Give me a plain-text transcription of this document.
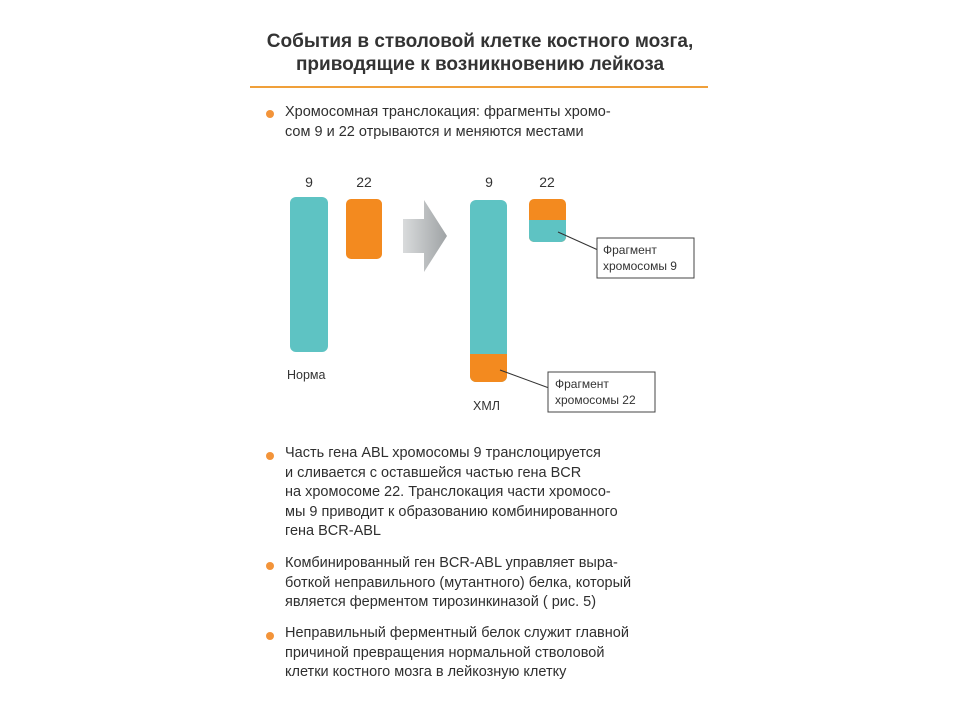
События в стволовой клетке костного мозга,
приводящие к возникновению лейкоза
Хромосомная транслокация: фрагменты хромо-
сом 9 и 22 отрываются и меняются местами
9	22
Норма
9	22
ХМЛ
Фрагмент
хромосомы 9
Фрагмент
хромосомы 22
Часть гена ABL хромосомы 9 транслоцируется
и сливается с оставшейся частью гена BCR
на хромосоме 22. Транслокация части хромосо-
мы 9 приводит к образованию комбинированного
гена BCR-ABL
Комбинированный ген BCR-ABL управляет выра-
боткой неправильного (мутантного) белка, который
является ферментом тирозинкиназой ( рис. 5)
Неправильный ферментный белок служит главной
причиной превращения нормальной стволовой
клетки костного мозга в лейкозную клетку
